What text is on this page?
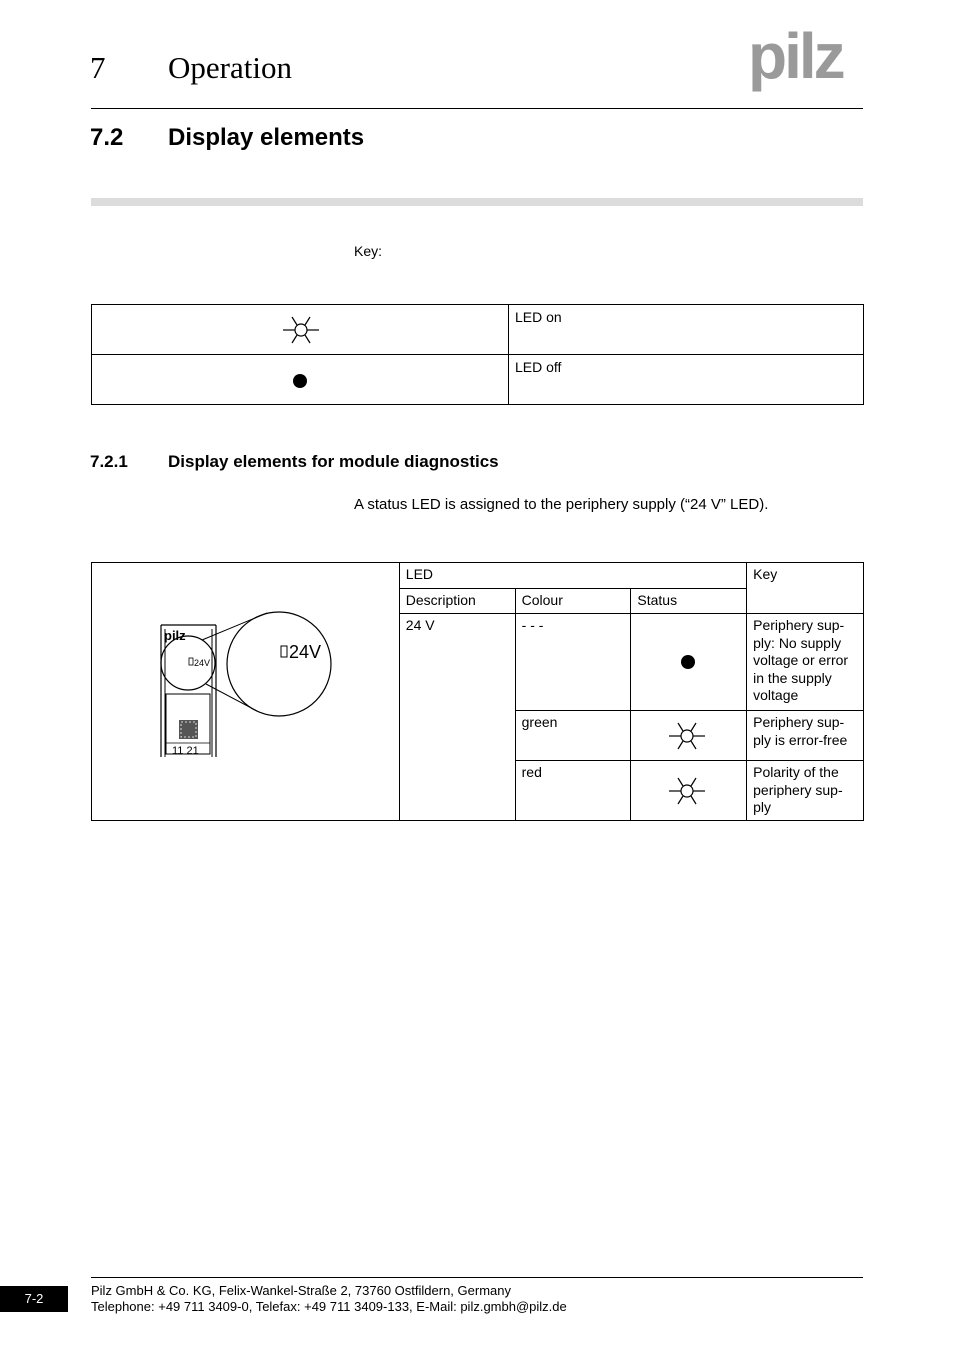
7 Operation	pilz
7.2 Display elements
Key:
	LED on

	LED off
7.2.1 Display elements for module diagnostics
A status LED is assigned to the periphery supply (“24 V” LED).
pilz
24V
11 21
24V	LED			Key
	Description	Colour	Status	
	24 V	- - -		Periphery sup-ply: No supply voltage or error in the supply voltage
		green		Periphery sup-ply is error-free
		red		Polarity of the periphery sup-ply
7-2
Pilz GmbH & Co. KG, Felix-Wankel-Straße 2, 73760 Ostfildern, Germany
Telephone: +49 711 3409-0, Telefax: +49 711 3409-133, E-Mail: pilz.gmbh@pilz.de
